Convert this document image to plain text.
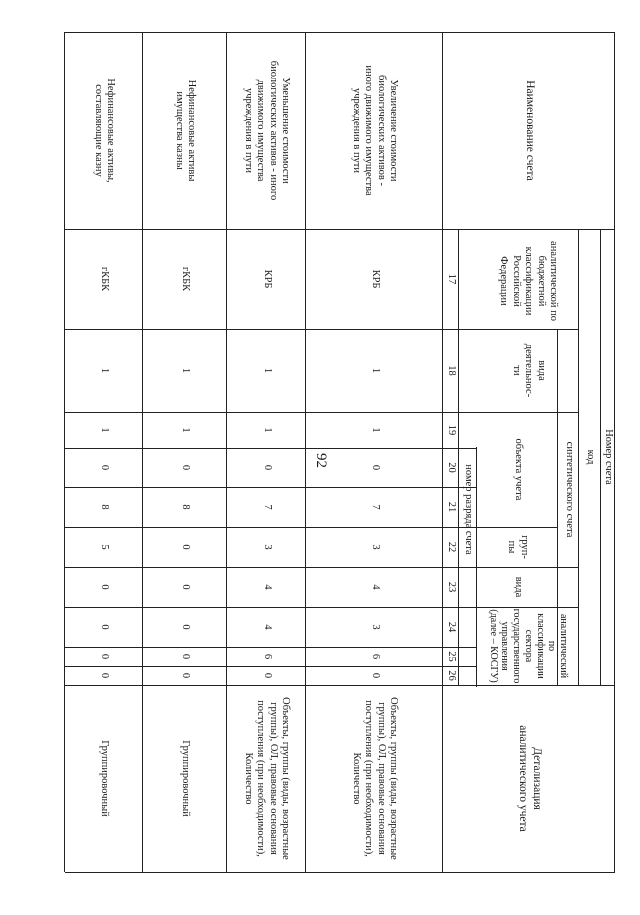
92
Наименование счета
Номер счета
код
аналитической по бюджетной классификации Российской Федерации
вида деятельнос-ти
синтетического счета
объекта учета
груп-пы
вида
аналитический по классификации сектора государственного управления (далее – КОСГУ)
Детализация аналитического учета
номер разряда счета
17
18
19
20
21
22
23
24
25
26
Увеличение стоимости биологических активов - иного движимого имущества учреждения в пути
КРБ
1
1
0
7
3
4
3
6
Объекты, группы (виды, возрастные группы), ОЛ, правовые основания поступления (при необходимости), Количество
Уменьшение стоимости биологических активов - иного движимого имущества учреждения в пути
КРБ
1
1
0
7
3
4
4
6
Объекты, группы (виды, возрастные группы), ОЛ, правовые основания поступления (при необходимости), Количество
Нефинансовые активы имущества казны
гКБК
1
1
0
8
0
0
0
0
Группировочный
Нефинансовые активы, составляющие казну
гКБК
1
1
0
8
5
0
0
0
Группировочный
0
0
0
0
